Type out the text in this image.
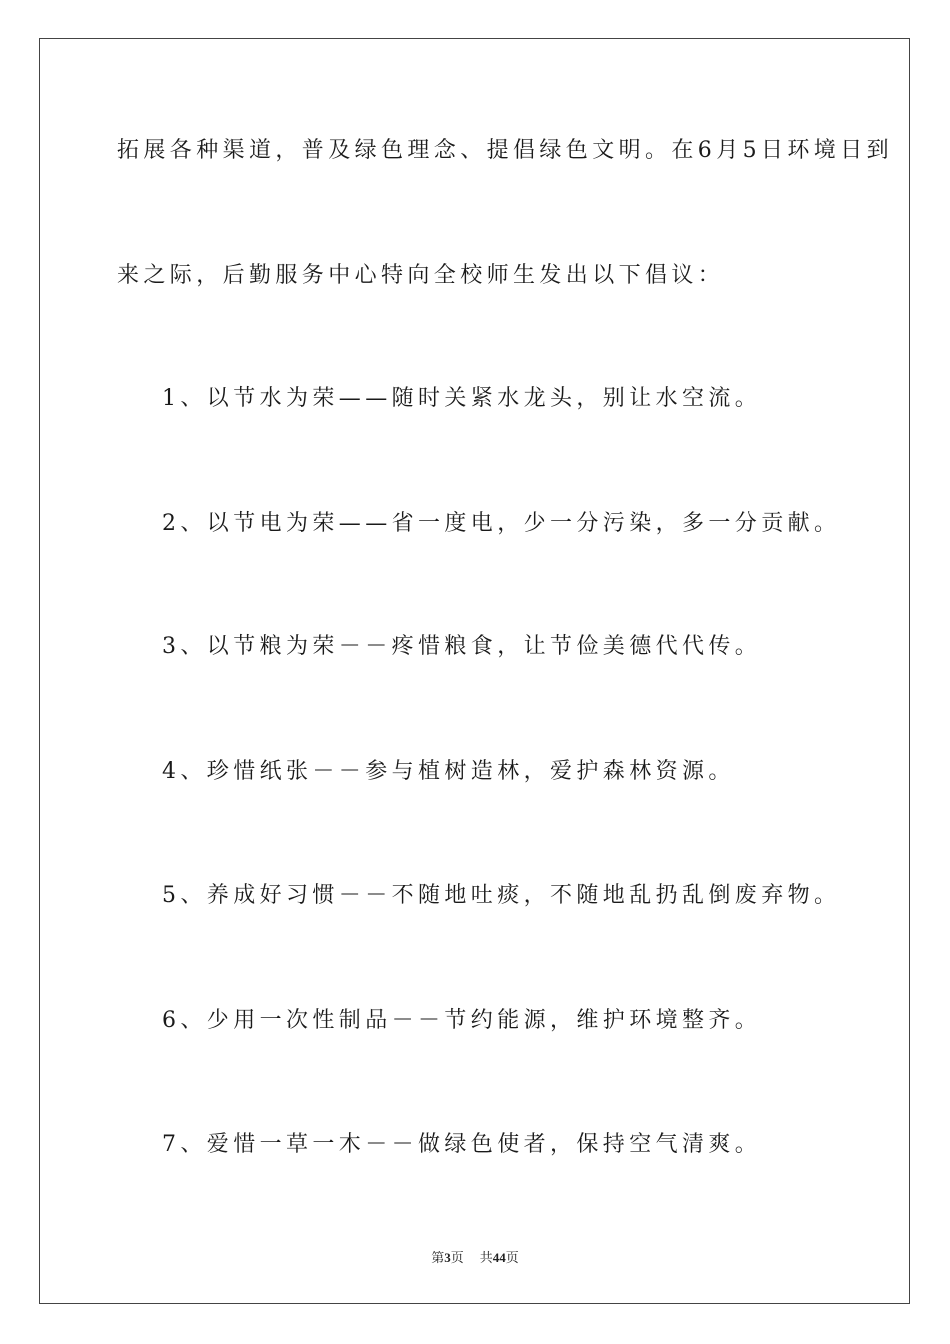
拓展各种渠道，普及绿色理念、提倡绿色文明。在6月5日环境日到
来之际，后勤服务中心特向全校师生发出以下倡议：
1、以节水为荣——随时关紧水龙头，别让水空流。
2、以节电为荣——省一度电，少一分污染，多一分贡献。
3、以节粮为荣－－疼惜粮食，让节俭美德代代传。
4、珍惜纸张－－参与植树造林，爱护森林资源。
5、养成好习惯－－不随地吐痰，不随地乱扔乱倒废弃物。
6、少用一次性制品－－节约能源，维护环境整齐。
7、爱惜一草一木－－做绿色使者，保持空气清爽。
第3页 共44页
